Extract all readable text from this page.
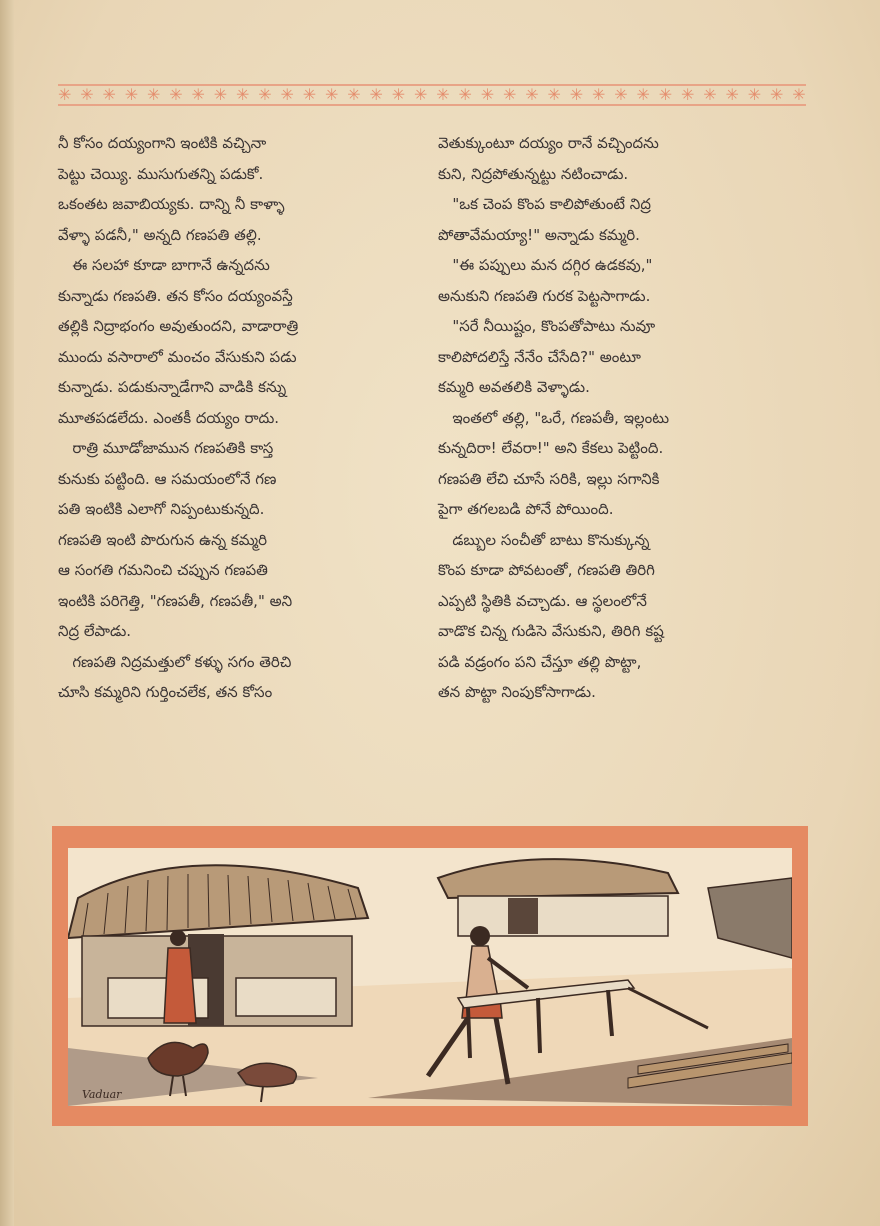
✳ ✳ ✳ ✳ ✳ ✳ ✳ ✳ ✳ ✳ ✳ ✳ ✳ ✳ ✳ ✳ ✳ ✳ ✳ ✳ ✳ ✳ ✳ ✳ ✳ ✳ ✳ ✳ ✳ ✳ ✳ ✳ ✳ ✳

నీ కోసం దయ్యంగాని ఇంటికి వచ్చినా

పెట్టు చెయ్యి. ముసుగుతన్ని పడుకో.

ఒకంతట జవాబియ్యకు. దాన్ని నీ కాళ్ళా

వేళ్ళా పడనీ," అన్నది గణపతి తల్లి.

ఈ సలహా కూడా బాగానే ఉన్నదను

కున్నాడు గణపతి. తన కోసం దయ్యంవస్తే

తల్లికి నిద్రాభంగం అవుతుందని, వాడారాత్రి

ముందు వసారాలో మంచం వేసుకుని పడు

కున్నాడు. పడుకున్నాడేగాని వాడికి కన్ను

మూతపడలేదు. ఎంతకీ దయ్యం రాదు.

రాత్రి మూడోజామున గణపతికి కాస్త

కునుకు పట్టింది. ఆ సమయంలోనే గణ

పతి ఇంటికి ఎలాగో నిప్పంటుకున్నది.

గణపతి ఇంటి పొరుగున ఉన్న కమ్మరి

ఆ సంగతి గమనించి చప్పున గణపతి

ఇంటికి పరిగెత్తి, "గణపతీ, గణపతీ," అని

నిద్ర లేపాడు.

గణపతి నిద్రమత్తులో కళ్ళు సగం తెరిచి

చూసి కమ్మరిని గుర్తించలేక, తన కోసం

వెతుక్కుంటూ దయ్యం రానే వచ్చిందను

కుని, నిద్రపోతున్నట్టు నటించాడు.

"ఒక చెంప కొంప కాలిపోతుంటే నిద్ర

పోతావేమయ్యా!" అన్నాడు కమ్మరి.

"ఈ పప్పులు మన దగ్గిర ఉడకవు,"

అనుకుని గణపతి గురక పెట్టసాగాడు.

"సరే నీయిష్టం, కొంపతోపాటు నువూ

కాలిపోదలిస్తే నేనేం చేసేది?" అంటూ

కమ్మరి అవతలికి వెళ్ళాడు.

ఇంతలో తల్లి, "ఒరే, గణపతీ, ఇల్లంటు

కున్నదిరా! లేవరా!" అని కేకలు పెట్టింది.

గణపతి లేచి చూసే సరికి, ఇల్లు సగానికి

పైగా తగలబడి పోనే పోయింది.

డబ్బుల సంచీతో బాటు కొనుక్కున్న

కొంప కూడా పోవటంతో, గణపతి తిరిగి

ఎప్పటి స్థితికి వచ్చాడు. ఆ స్థలంలోనే

వాడొక చిన్న గుడిసె వేసుకుని, తిరిగి కష్ట

పడి వడ్రంగం పని చేస్తూ తల్లి పొట్టా,

తన పొట్టా నింపుకోసాగాడు.

Vaduar
